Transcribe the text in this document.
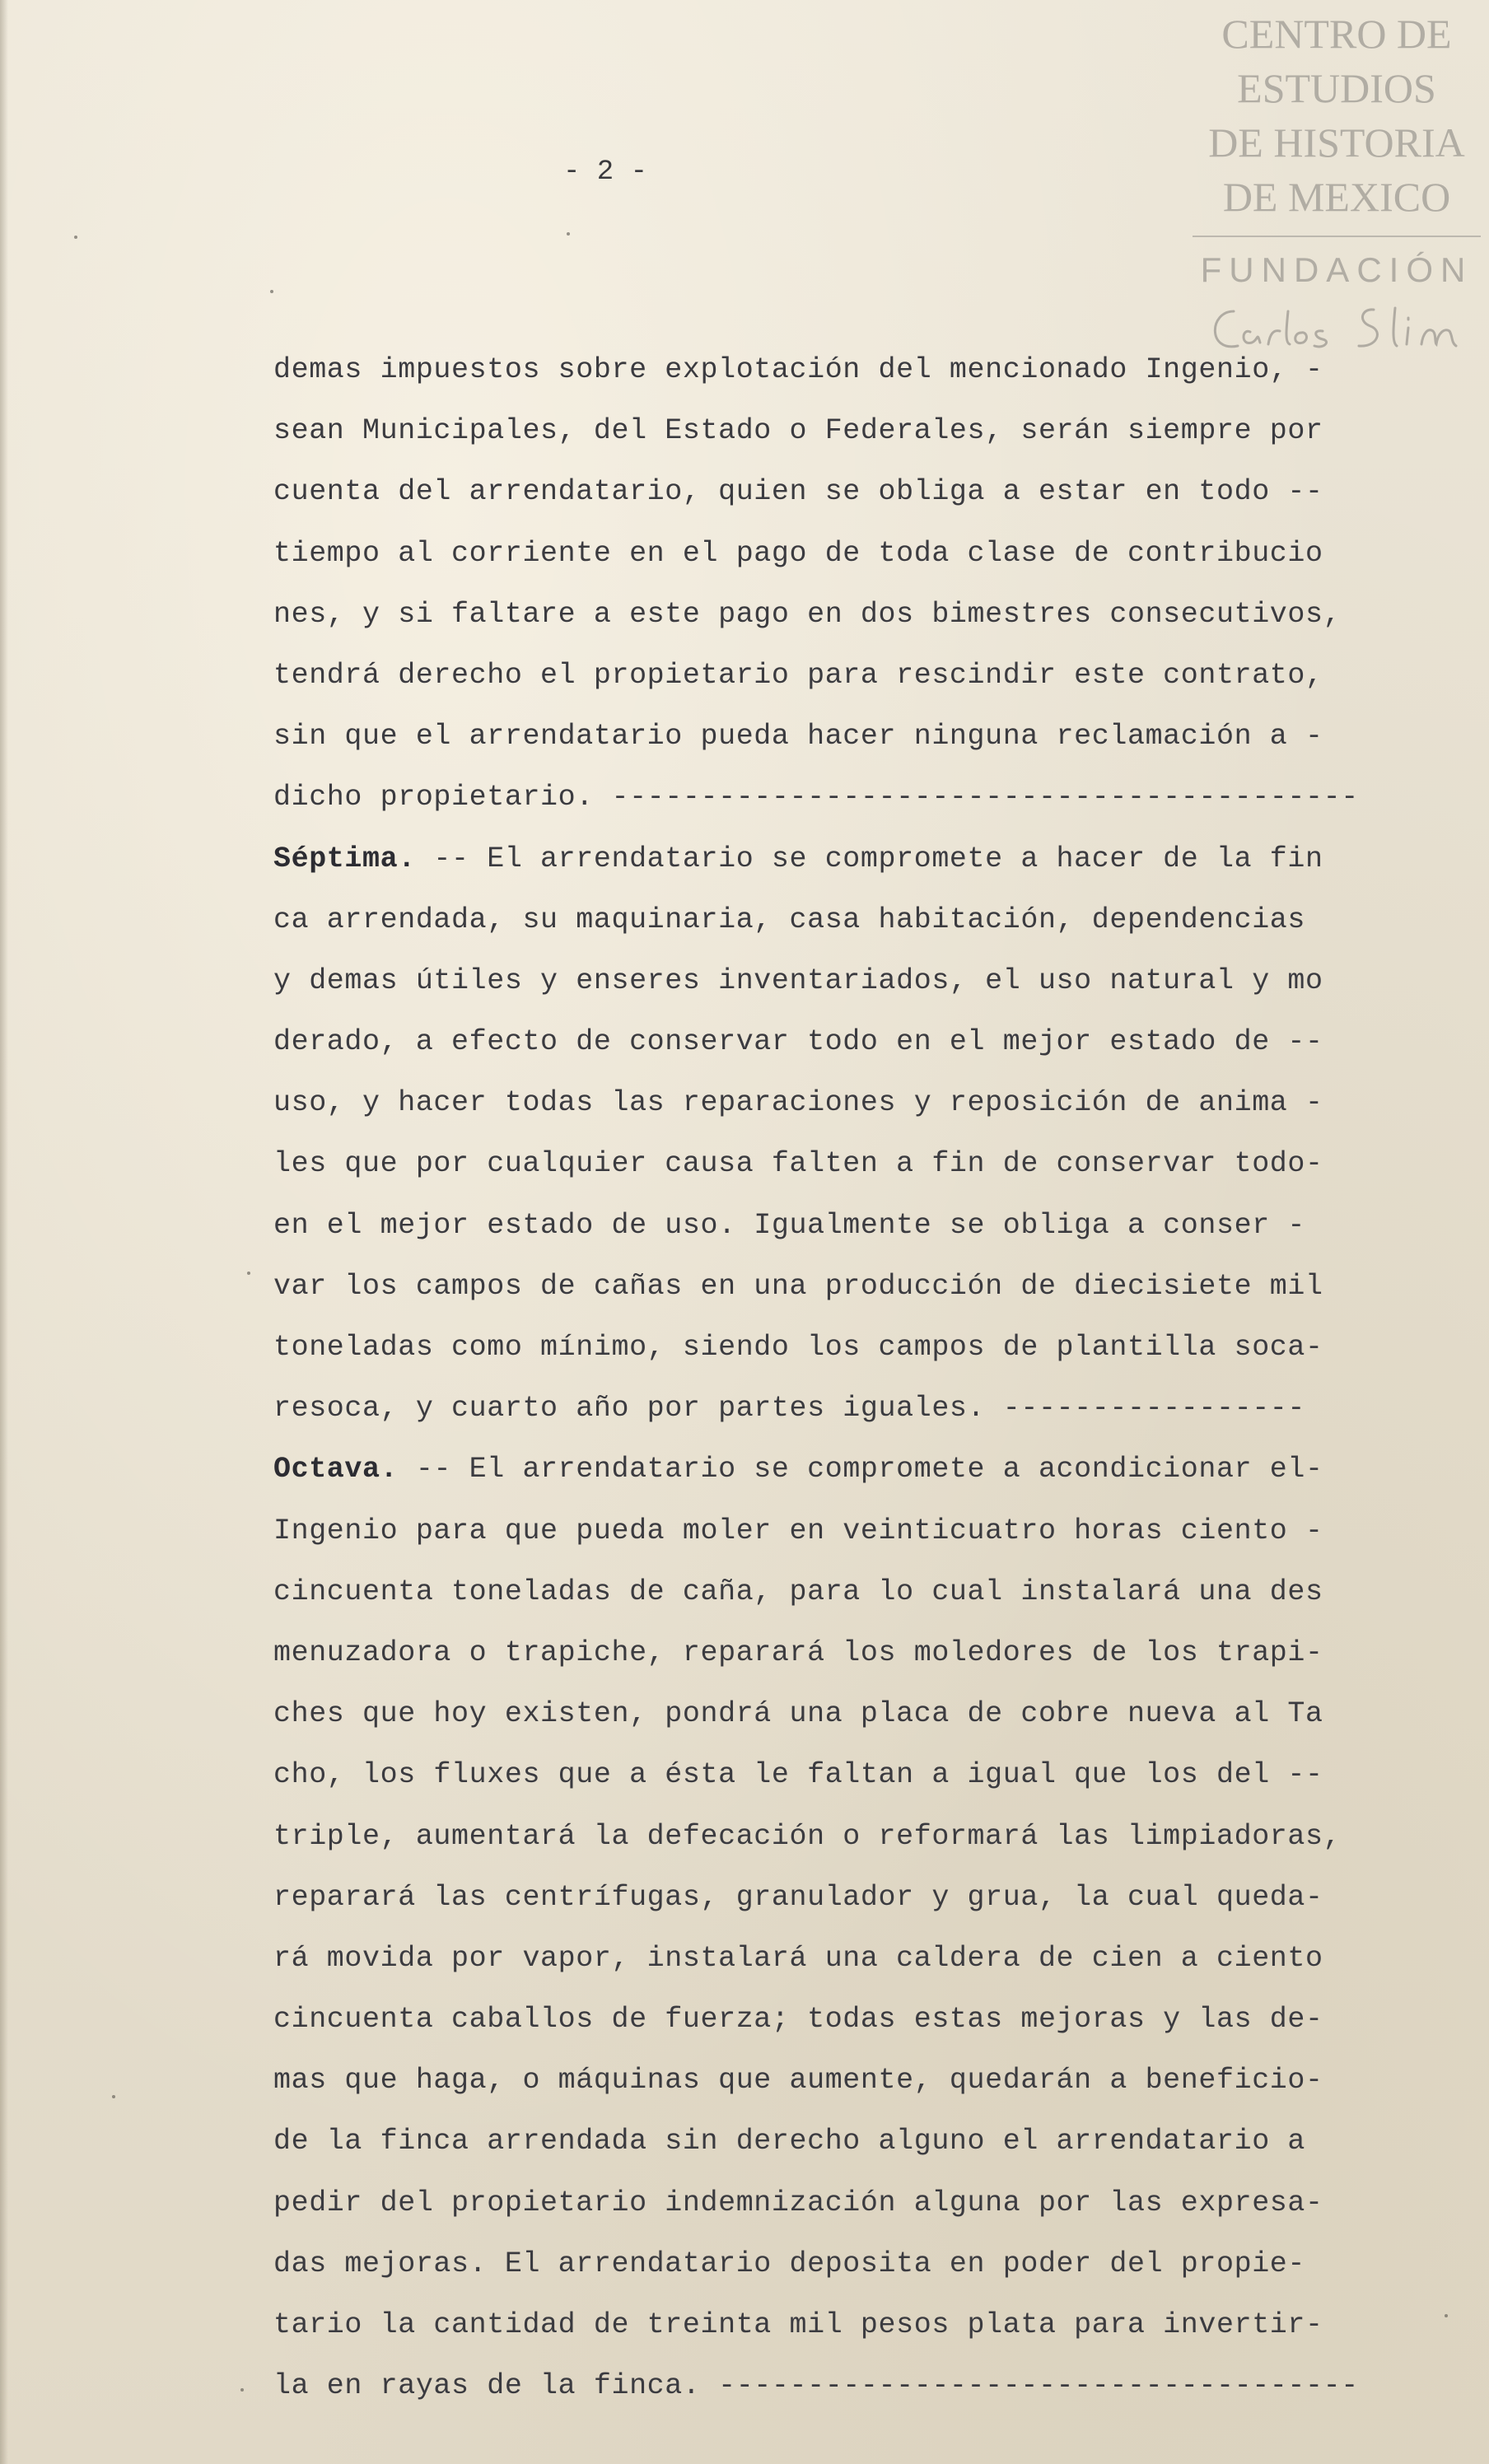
CENTRO DE
ESTUDIOS
DE HISTORIA
DE MEXICO
FUNDACIÓN
- 2 -
demas impuestos sobre explotación del mencionado Ingenio, -
sean Municipales, del Estado o Federales, serán siempre por
cuenta del arrendatario, quien se obliga a estar en todo --
tiempo al corriente en el pago de toda clase de contribucio
nes, y si faltare a este pago en dos bimestres consecutivos,
tendrá derecho el propietario para rescindir este contrato,
sin que el arrendatario pueda hacer ninguna reclamación a -
dicho propietario. ------------------------------------------
Séptima. -- El arrendatario se compromete a hacer de la fin
ca arrendada, su maquinaria, casa habitación, dependencias
y demas útiles y enseres inventariados, el uso natural y mo
derado, a efecto de conservar todo en el mejor estado de --
uso, y hacer todas las reparaciones y reposición de anima -
les que por cualquier causa falten a fin de conservar todo-
en el mejor estado de uso. Igualmente se obliga a conser -
var los campos de cañas en una producción de diecisiete mil
toneladas como mínimo, siendo los campos de plantilla soca-
resoca, y cuarto año por partes iguales. -----------------
Octava. -- El arrendatario se compromete a acondicionar el-
Ingenio para que pueda moler en veinticuatro horas ciento -
cincuenta toneladas de caña, para lo cual instalará una des
menuzadora o trapiche, reparará los moledores de los trapi-
ches que hoy existen, pondrá una placa de cobre nueva al Ta
cho, los fluxes que a ésta le faltan a igual que los del --
triple, aumentará la defecación o reformará las limpiadoras,
reparará las centrífugas, granulador y grua, la cual queda-
rá movida por vapor, instalará una caldera de cien a ciento
cincuenta caballos de fuerza; todas estas mejoras y las de-
mas que haga, o máquinas que aumente, quedarán a beneficio-
de la finca arrendada sin derecho alguno el arrendatario a
pedir del propietario indemnización alguna por las expresa-
das mejoras. El arrendatario deposita en poder del propie-
tario la cantidad de treinta mil pesos plata para invertir-
la en rayas de la finca. ------------------------------------
